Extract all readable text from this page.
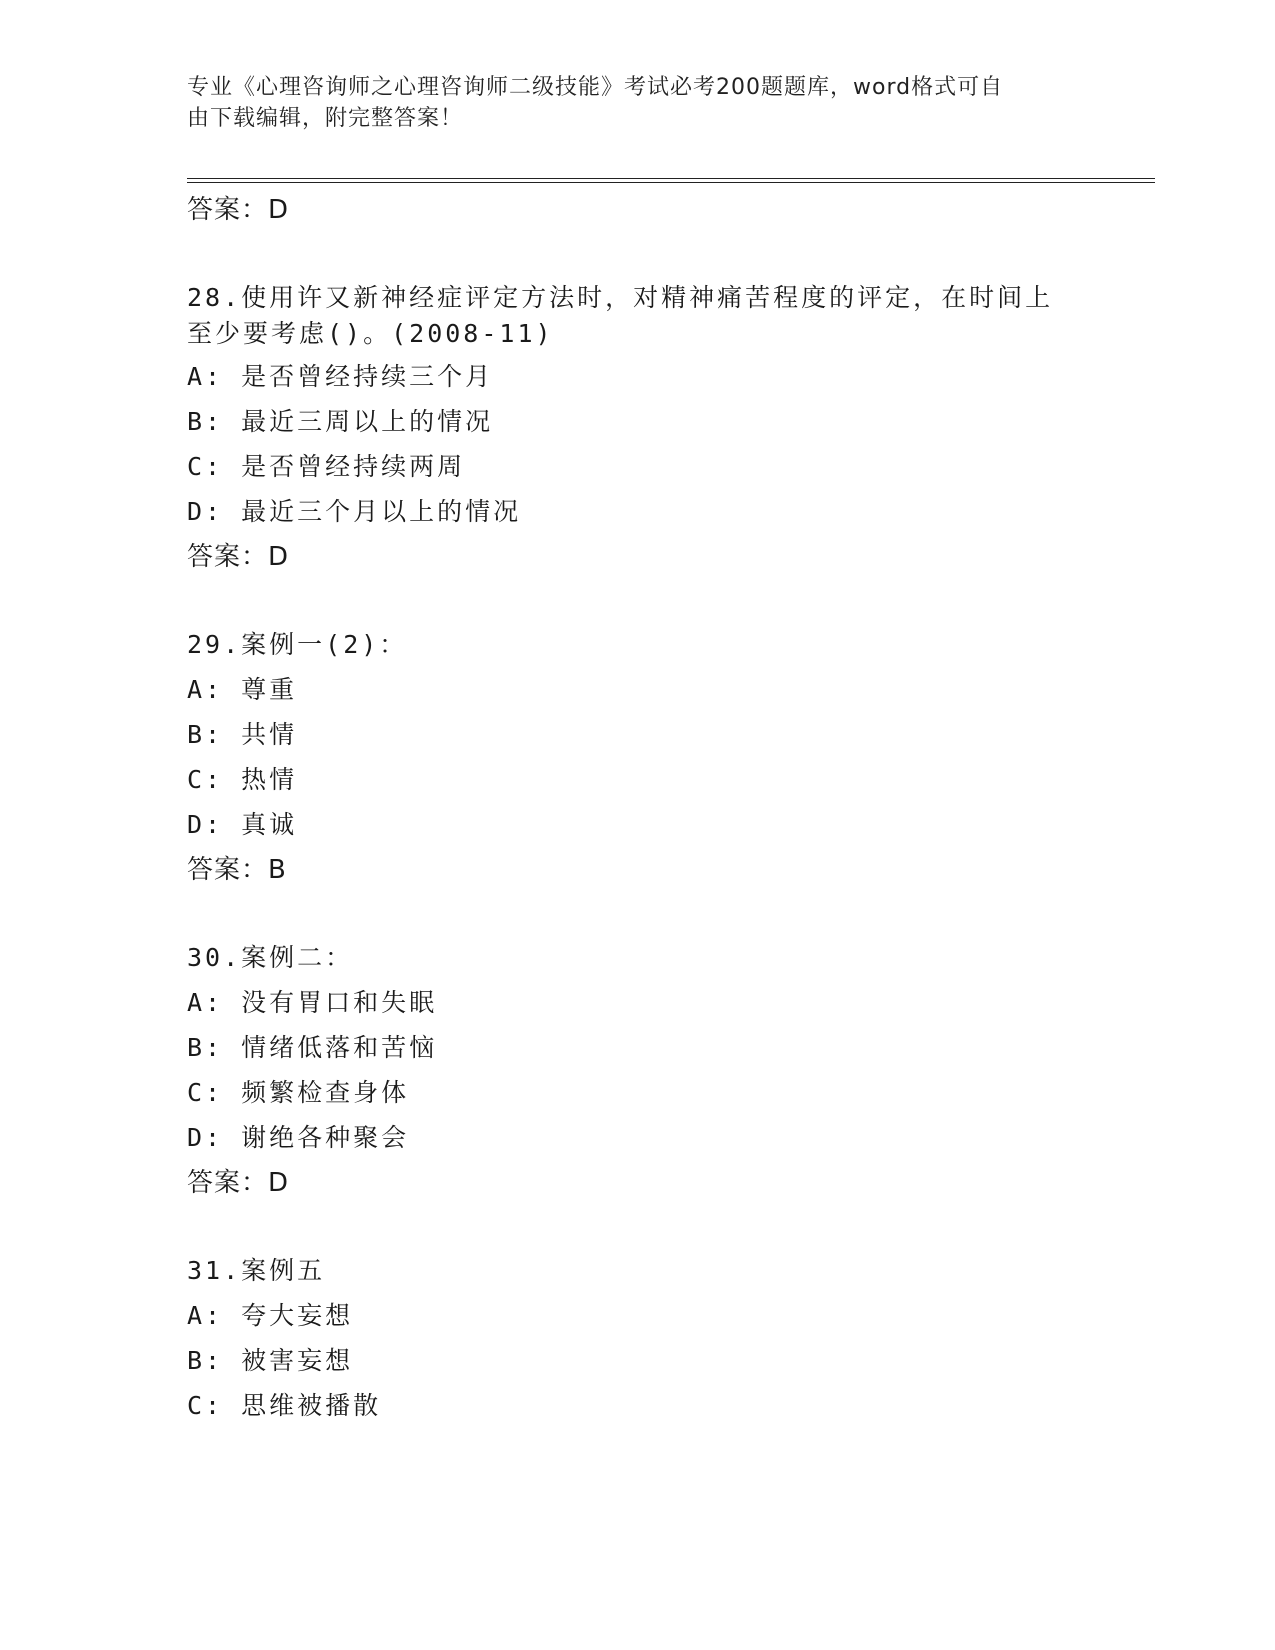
专业《心理咨询师之心理咨询师二级技能》考试必考200题题库，word格式可自
由下载编辑，附完整答案！
答案：D
28.使用许又新神经症评定方法时，对精神痛苦程度的评定，在时间上
至少要考虑()。(2008-11)
A: 是否曾经持续三个月
B: 最近三周以上的情况
C: 是否曾经持续两周
D: 最近三个月以上的情况
答案：D
29.案例一(2)：
A: 尊重
B: 共情
C: 热情
D: 真诚
答案：B
30.案例二：
A: 没有胃口和失眠
B: 情绪低落和苦恼
C: 频繁检查身体
D: 谢绝各种聚会
答案：D
31.案例五
A: 夸大妄想
B: 被害妄想
C: 思维被播散
